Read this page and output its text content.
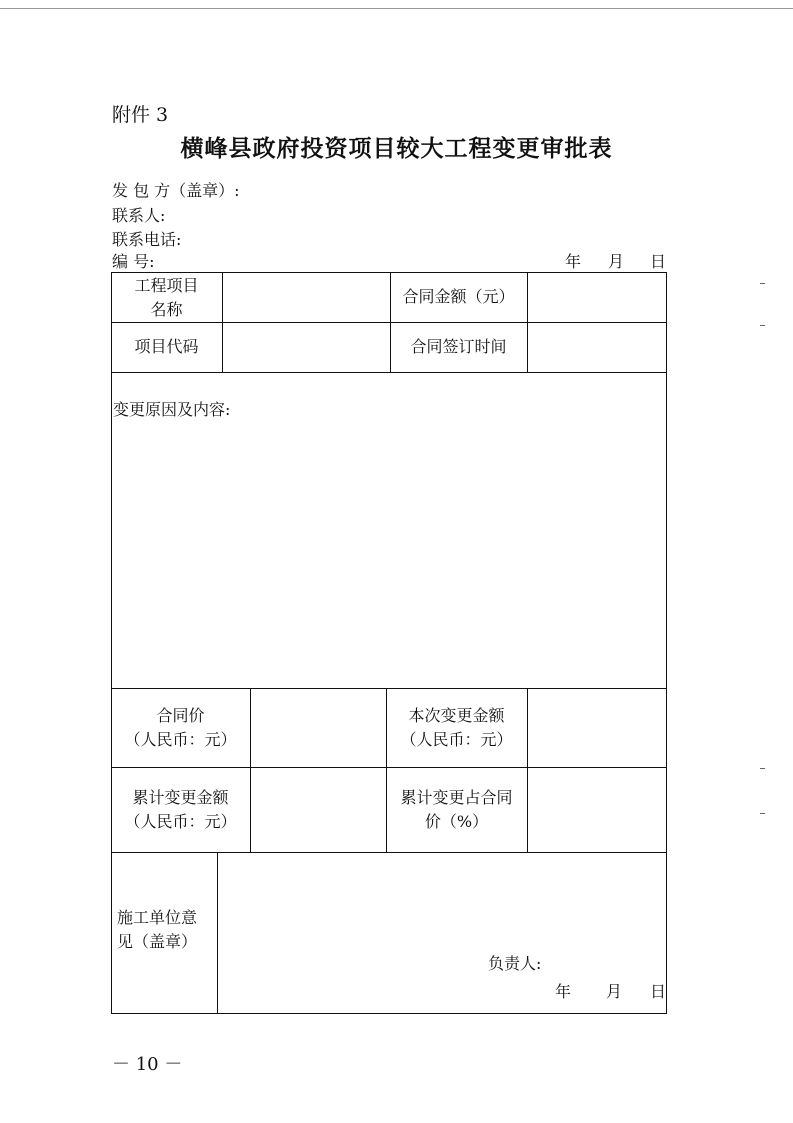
附件 3
横峰县政府投资项目较大工程变更审批表
发 包 方（盖章）:
联系人:
联系电话:
编 号:	年 月 日
工程项目
名称
合同金额（元）
项目代码	合同签订时间
变更原因及内容:
合同价
（人民币：元）
本次变更金额
（人民币：元）
累计变更金额
（人民币：元）
累计变更占合同
价（%）
施工单位意
见（盖章）
负责人:
年 月 日
－ 10 －
